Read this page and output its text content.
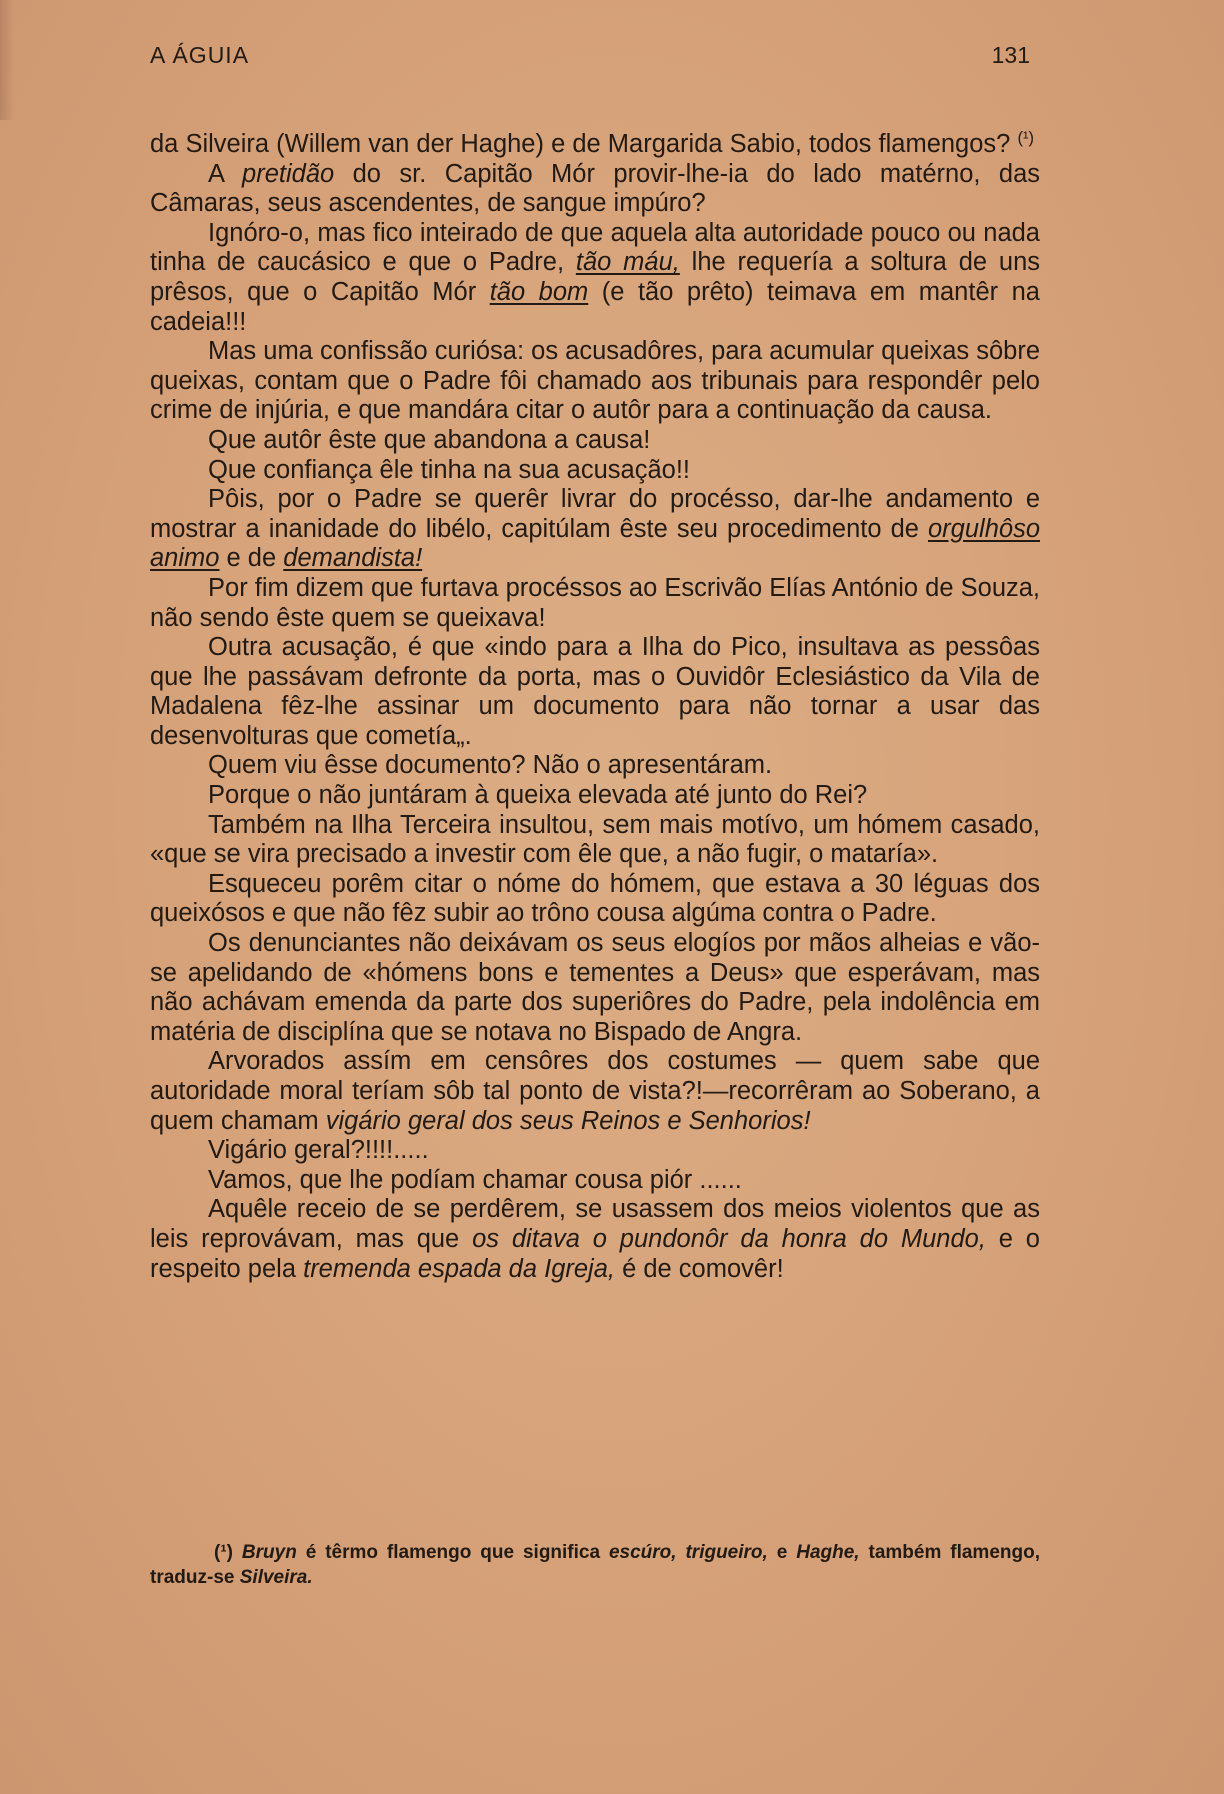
A ÁGUIA	131

da Silveira (Willem van der Haghe) e de Margarida Sabio, todos flamengos? $^{(^1)}$

A pretidão do sr. Capitão Mór provir-lhe-ia do lado matérno, das Câmaras, seus ascendentes, de sangue impúro?

Ignóro-o, mas fico inteirado de que aquela alta autoridade pouco ou nada tinha de caucásico e que o Padre, tão máu, lhe requería a soltura de uns prêsos, que o Capitão Mór tão bom (e tão prêto) teimava em mantêr na cadeia!!!

Mas uma confissão curiósa: os acusadôres, para acumular queixas sôbre queixas, contam que o Padre fôi chamado aos tribunais para respondêr pelo crime de injúria, e que mandára citar o autôr para a continuação da causa.

Que autôr êste que abandona a causa!

Que confiança êle tinha na sua acusação!!

Pôis, por o Padre se querêr livrar do procésso, dar-lhe andamento e mostrar a inanidade do libélo, capitúlam êste seu procedimento de orgulhôso animo e de demandista!

Por fim dizem que furtava procéssos ao Escrivão Elías António de Souza, não sendo êste quem se queixava!

Outra acusação, é que «indo para a Ilha do Pico, insultava as pessôas que lhe passávam defronte da porta, mas o Ouvidôr Eclesiástico da Vila de Madalena fêz-lhe assinar um documento para não tornar a usar das desenvolturas que cometía„.

Quem viu êsse documento? Não o apresentáram.

Porque o não juntáram à queixa elevada até junto do Rei?

Também na Ilha Terceira insultou, sem mais motívo, um hómem casado, «que se vira precisado a investir com êle que, a não fugir, o mataría».

Esqueceu porêm citar o nóme do hómem, que estava a 30 léguas dos queixósos e que não fêz subir ao trôno cousa algúma contra o Padre.

Os denunciantes não deixávam os seus elogíos por mãos alheias e vão-se apelidando de «hómens bons e tementes a Deus» que esperávam, mas não achávam emenda da parte dos superiôres do Padre, pela indolência em matéria de disciplína que se notava no Bispado de Angra.

Arvorados assím em censôres dos costumes — quem sabe que autoridade moral teríam sôb tal ponto de vista?!—recorrêram ao Soberano, a quem chamam vigário geral dos seus Reinos e Senhorios!

Vigário geral?!!!!.....

Vamos, que lhe podíam chamar cousa piór ......

Aquêle receio de se perdêrem, se usassem dos meios violentos que as leis reprovávam, mas que os ditava o pundonôr da honra do Mundo, e o respeito pela tremenda espada da Igreja, é de comovêr!

(¹) Bruyn é têrmo flamengo que significa escúro, trigueiro, e Haghe, também flamengo, traduz-se Silveira.
